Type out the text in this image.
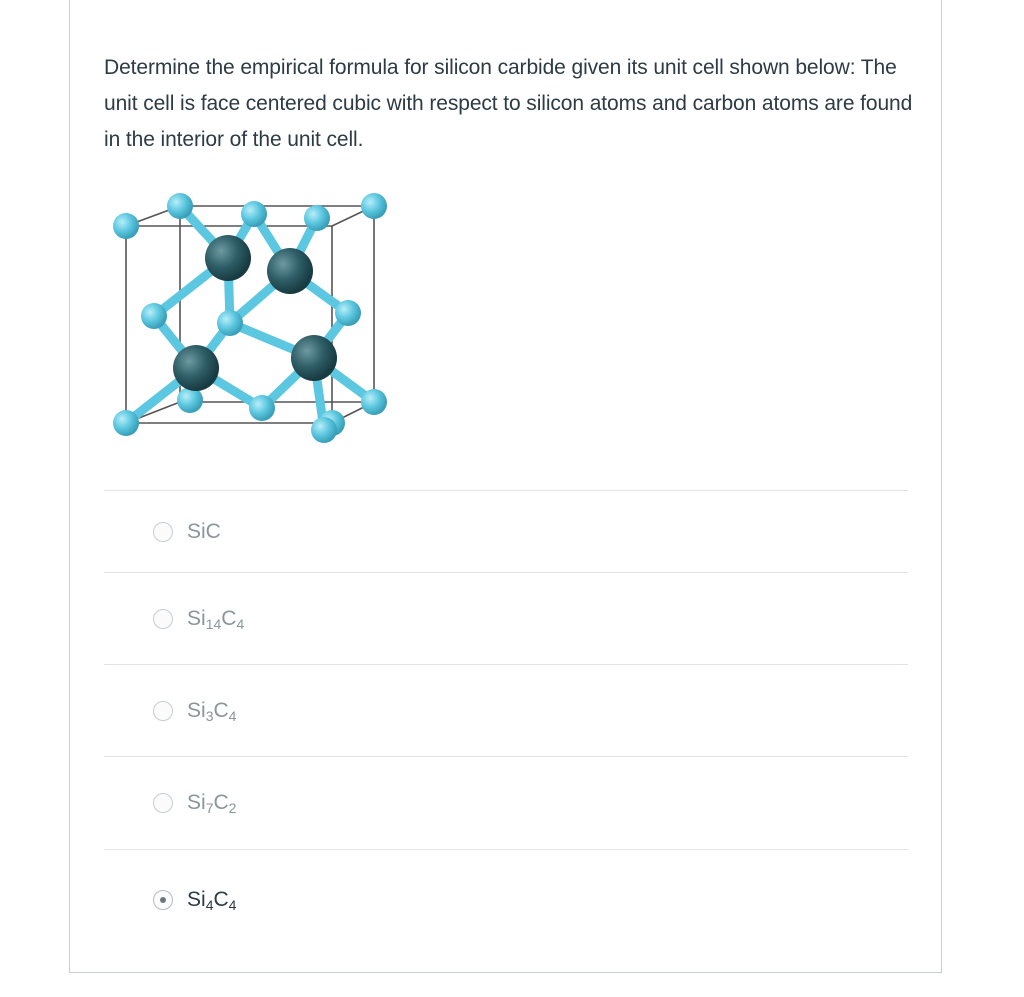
Determine the empirical formula for silicon carbide given its unit cell shown below: The unit cell is face centered cubic with respect to silicon atoms and carbon atoms are found in the interior of the unit cell.
SiC
$Si_{14}C_4$
$Si_3C_4$
$Si_7C_2$
$Si_4C_4$
